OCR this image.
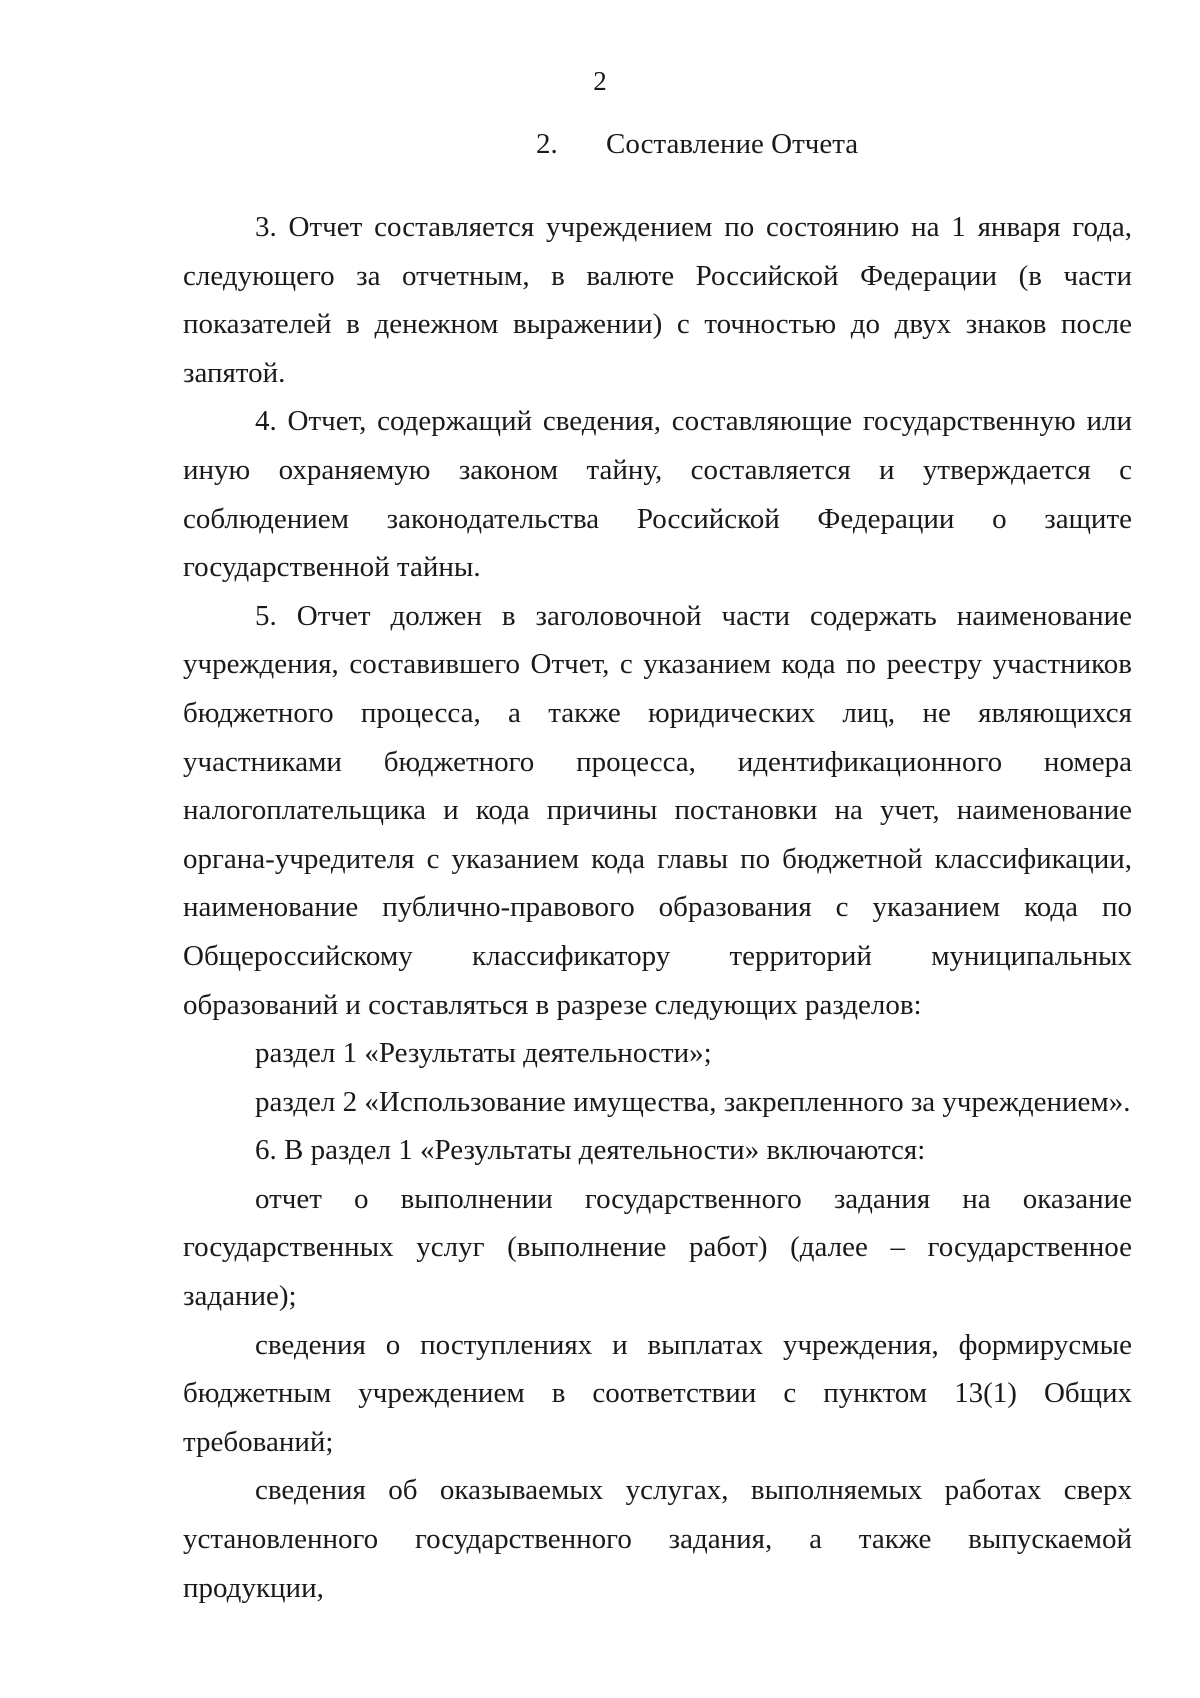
2
2. Составление Отчета

3. Отчет составляется учреждением по состоянию на 1 января года, следующего за отчетным, в валюте Российской Федерации (в части показателей в денежном выражении) с точностью до двух знаков после запятой.

4. Отчет, содержащий сведения, составляющие государственную или иную охраняемую законом тайну, составляется и утверждается с соблюдением законодательства Российской Федерации о защите государственной тайны.

5. Отчет должен в заголовочной части содержать наименование учреждения, составившего Отчет, с указанием кода по реестру участников бюджетного процесса, а также юридических лиц, не являющихся участниками бюджетного процесса, идентификационного номера налогоплательщика и кода причины постановки на учет, наименование органа-учредителя с указанием кода главы по бюджетной классификации, наименование публично-правового образования с указанием кода по Общероссийскому классификатору территорий муниципальных образований и составляться в разрезе следующих разделов:

раздел 1 «Результаты деятельности»;

раздел 2 «Использование имущества, закрепленного за учреждением».

6. В раздел 1 «Результаты деятельности» включаются:

отчет о выполнении государственного задания на оказание государственных услуг (выполнение работ) (далее – государственное задание);

сведения о поступлениях и выплатах учреждения, формирусмые бюджетным учреждением в соответствии с пунктом 13(1) Общих требований;

сведения об оказываемых услугах, выполняемых работах сверх установленного государственного задания, а также выпускаемой продукции,
